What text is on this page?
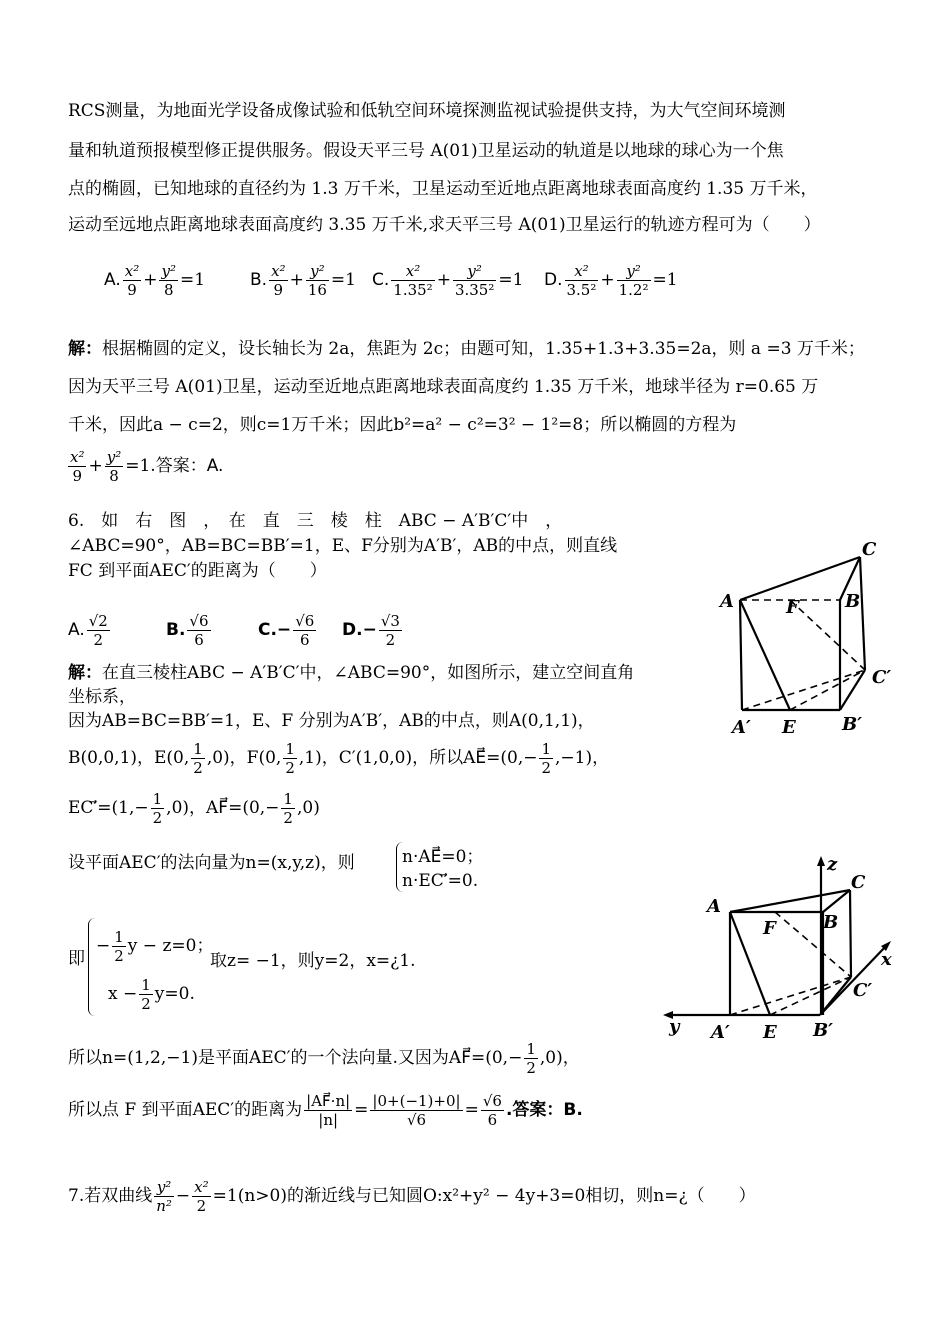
RCS测量，为地面光学设备成像试验和低轨空间环境探测监视试验提供支持，为大气空间环境测
量和轨道预报模型修正提供服务。假设天平三号 A(01)卫星运动的轨道是以地球的球心为一个焦
点的椭圆，已知地球的直径约为 1.3 万千米，卫星运动至近地点距离地球表面高度约 1.35 万千米，
运动至远地点距离地球表面高度约 3.35 万千米,求天平三号 A(01)卫星运行的轨迹方程可为（　　）
A. $\frac{\text{x²}}{9} + \frac{\text{y²}}{8} =1$	B. $\frac{\text{x²}}{9} + \frac{\text{y²}}{16} =1$ C. $\frac{\text{x²}}{\text{1.35²}} + \frac{\text{y²}}{\text{3.35²}} =1$ D. $\frac{\text{x²}}{\text{3.5²}} + \frac{\text{y²}}{\text{1.2²}} =1$
解：根据椭圆的定义，设长轴长为 2a，焦距为 2c；由题可知，1.35+1.3+3.35=2a，则 a =3 万千米；
因为天平三号 A(01)卫星，运动至近地点距离地球表面高度约 1.35 万千米，地球半径为 r=0.65 万
千米，因此a − c=2，则c=1万千米；因此b²=a² − c²=3² − 1²=8；所以椭圆的方程为
$\frac{\text{x²}}{9} + \frac{\text{y²}}{8} =1$.答案：A.
6.　如　右　图　，　在　直　三　棱　柱　ABC − A′B′C′中　，
∠ABC=90°，AB=BC=BB′=1，E、F分别为A′B′，AB的中点，则直线
FC 到平面AEC′的距离为（　　）
A. $\frac{√2}{2}$	B. $\frac{√6}{6}$	$C.- \frac{√6}{6} D.- \frac{√3}{2}$
解：在直三棱柱ABC − A′B′C′中，∠ABC=90°，如图所示，建立空间直角
坐标系，
因为AB=BC=BB′=1，E、F 分别为A′B′，AB的中点，则A(0,1,1)，
B(0,0,1)，E(0, $\frac{1}{2} ,0$)，F(0, $\frac{1}{2} ,1$)，C′(1,0,0)，所以AE⃗=(0,− $\frac{1}{2} ,-1$)，
EC′⃗=(1,− $\frac{1}{2} ,0$)，AF⃗=(0,− $\frac{1}{2} ,0$)
设平面AEC′的法向量为n=(x,y,z)，则	n·AE⃗=0；
n·EC′⃗=0.
即
− $\frac{1}{2}$ y − z=0；
$x - \frac{1}{2} y=0$.
取z= −1，则y=2，x=¿1.
所以n=(1,2,−1)是平面AEC′的一个法向量.又因为AF⃗=(0,− $\frac{1}{2} ,0$)，
所以点 F 到平面AEC′的距离为 $\frac{|AF⃗\cdot n|}{|n|} = \frac{|0+(-1)+0|}{√6} = \frac{√6}{6}$ .答案：B.
7.若双曲线 $\frac{\text{y²}}{\text{n²}} - \frac{\text{x²}}{2} =1(n>0)$的渐近线与已知圆O:x²+y² − 4y+3=0相切，则n=¿（　　）
A	B
C
F
A′ E	B′
C′
A
B
C
F
A′ E B′
C′
x
y
z
